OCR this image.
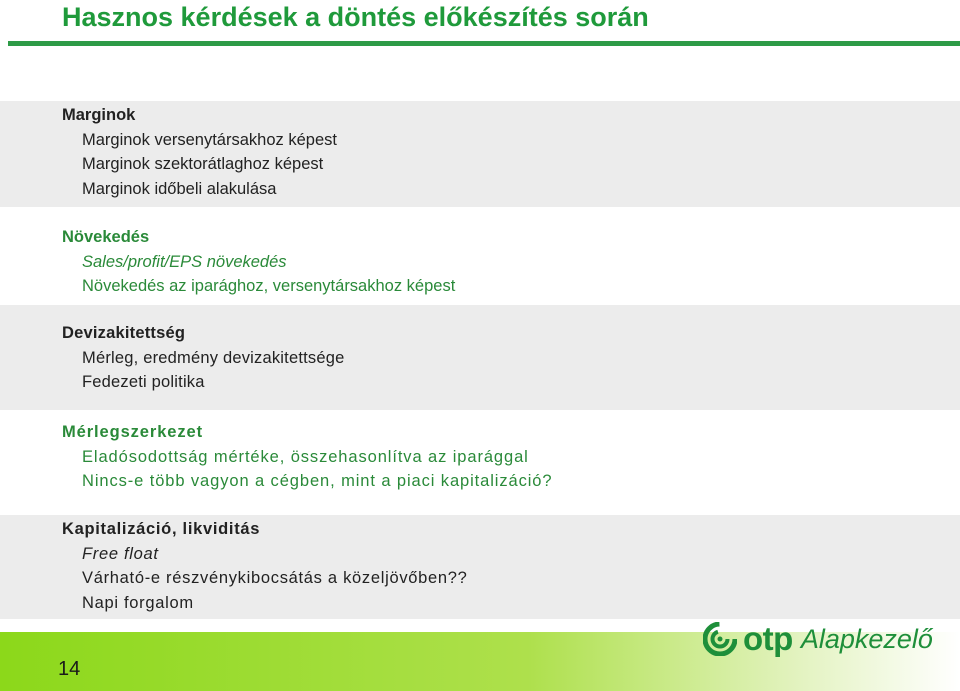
Hasznos kérdések a döntés előkészítés során
Marginok
Marginok versenytársakhoz képest
Marginok szektorátlaghoz képest
Marginok időbeli alakulása
Növekedés
Sales/profit/EPS növekedés
Növekedés az iparághoz, versenytársakhoz képest
Devizakitettség
Mérleg, eredmény devizakitettsége
Fedezeti politika
Mérlegszerkezet
Eladósodottság mértéke, összehasonlítva az iparággal
Nincs-e több vagyon a cégben, mint a piaci kapitalizáció?
Kapitalizáció, likviditás
Free float
Várható-e részvénykibocsátás a közeljövőben??
Napi forgalom
14
otp Alapkezelő
